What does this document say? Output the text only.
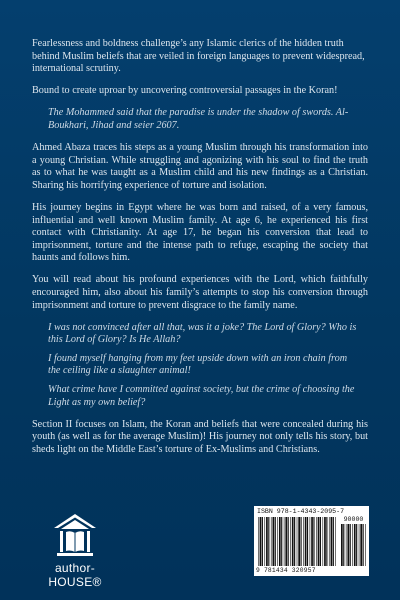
Fearlessness and boldness challenge’s any Islamic clerics of the hidden truth behind Muslim beliefs that are veiled in foreign languages to prevent widespread, international scrutiny.

Bound to create uproar by uncovering controversial passages in the Koran!

The Mohammed said that the paradise is under the shadow of swords. Al-Boukhari, Jihad and seier 2607.

Ahmed Abaza traces his steps as a young Muslim through his transformation into a young Christian. While struggling and agonizing with his soul to find the truth as to what he was taught as a Muslim child and his new findings as a Christian. Sharing his horrifying experience of torture and isolation.

His journey begins in Egypt where he was born and raised, of a very famous, influential and well known Muslim family. At age 6, he experienced his first contact with Christianity. At age 17, he began his conversion that lead to imprisonment, torture and the intense path to refuge, escaping the society that haunts and follows him.

You will read about his profound experiences with the Lord, which faithfully encouraged him, also about his family’s attempts to stop his conversion through imprisonment and torture to prevent disgrace to the family name.

I was not convinced after all that, was it a joke? The Lord of Glory? Who is this Lord of Glory? Is He Allah?

I found myself hanging from my feet upside down with an iron chain from the ceiling like a slaughter animal!

What crime have I committed against society, but the crime of choosing the Light as my own belief?

Section II focuses on Islam, the Koran and beliefs that were concealed during his youth (as well as for the average Muslim)! His journey not only tells his story, but sheds light on the Middle East’s torture of Ex-Muslims and Christians.

author-HOUSE®
ISBN 978-1-4343-2095-7
90000
9 781434 320957
